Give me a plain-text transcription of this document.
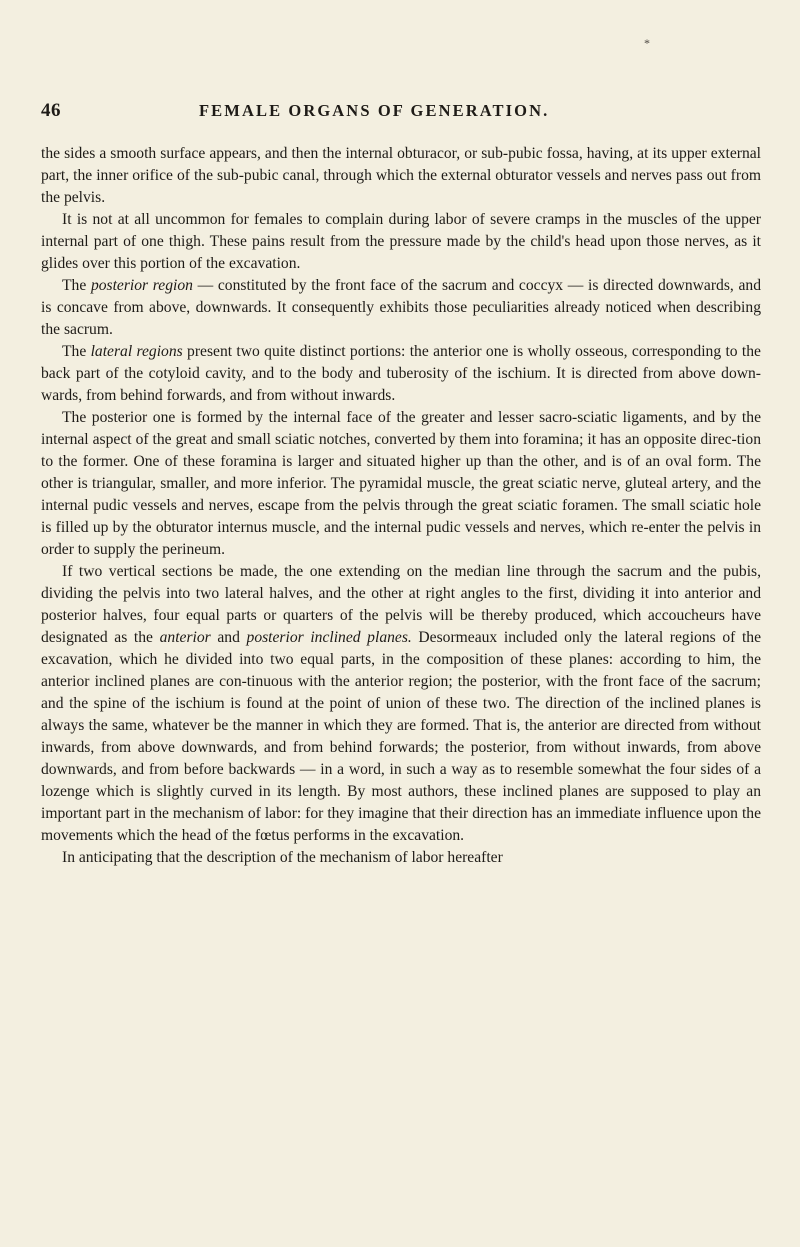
*
46	FEMALE ORGANS OF GENERATION.

the sides a smooth surface appears, and then the internal obturacor, or sub-pubic fossa, having, at its upper external part, the inner orifice of the sub-pubic canal, through which the external obturator vessels and nerves pass out from the pelvis.

It is not at all uncommon for females to complain during labor of severe cramps in the muscles of the upper internal part of one thigh. These pains result from the pressure made by the child's head upon those nerves, as it glides over this portion of the excavation.

The posterior region — constituted by the front face of the sacrum and coccyx — is directed downwards, and is concave from above, downwards. It consequently exhibits those peculiarities already noticed when describing the sacrum.

The lateral regions present two quite distinct portions: the anterior one is wholly osseous, corresponding to the back part of the cotyloid cavity, and to the body and tuberosity of the ischium. It is directed from above down-wards, from behind forwards, and from without inwards.

The posterior one is formed by the internal face of the greater and lesser sacro-sciatic ligaments, and by the internal aspect of the great and small sciatic notches, converted by them into foramina; it has an opposite direc-tion to the former. One of these foramina is larger and situated higher up than the other, and is of an oval form. The other is triangular, smaller, and more inferior. The pyramidal muscle, the great sciatic nerve, gluteal artery, and the internal pudic vessels and nerves, escape from the pelvis through the great sciatic foramen. The small sciatic hole is filled up by the obturator internus muscle, and the internal pudic vessels and nerves, which re-enter the pelvis in order to supply the perineum.

If two vertical sections be made, the one extending on the median line through the sacrum and the pubis, dividing the pelvis into two lateral halves, and the other at right angles to the first, dividing it into anterior and posterior halves, four equal parts or quarters of the pelvis will be thereby produced, which accoucheurs have designated as the anterior and posterior inclined planes. Desormeaux included only the lateral regions of the excavation, which he divided into two equal parts, in the composition of these planes: according to him, the anterior inclined planes are con-tinuous with the anterior region; the posterior, with the front face of the sacrum; and the spine of the ischium is found at the point of union of these two. The direction of the inclined planes is always the same, whatever be the manner in which they are formed. That is, the anterior are directed from without inwards, from above downwards, and from behind forwards; the posterior, from without inwards, from above downwards, and from before backwards — in a word, in such a way as to resemble somewhat the four sides of a lozenge which is slightly curved in its length. By most authors, these inclined planes are supposed to play an important part in the mechanism of labor: for they imagine that their direction has an immediate influence upon the movements which the head of the fœtus performs in the excavation.

In anticipating that the description of the mechanism of labor hereafter
